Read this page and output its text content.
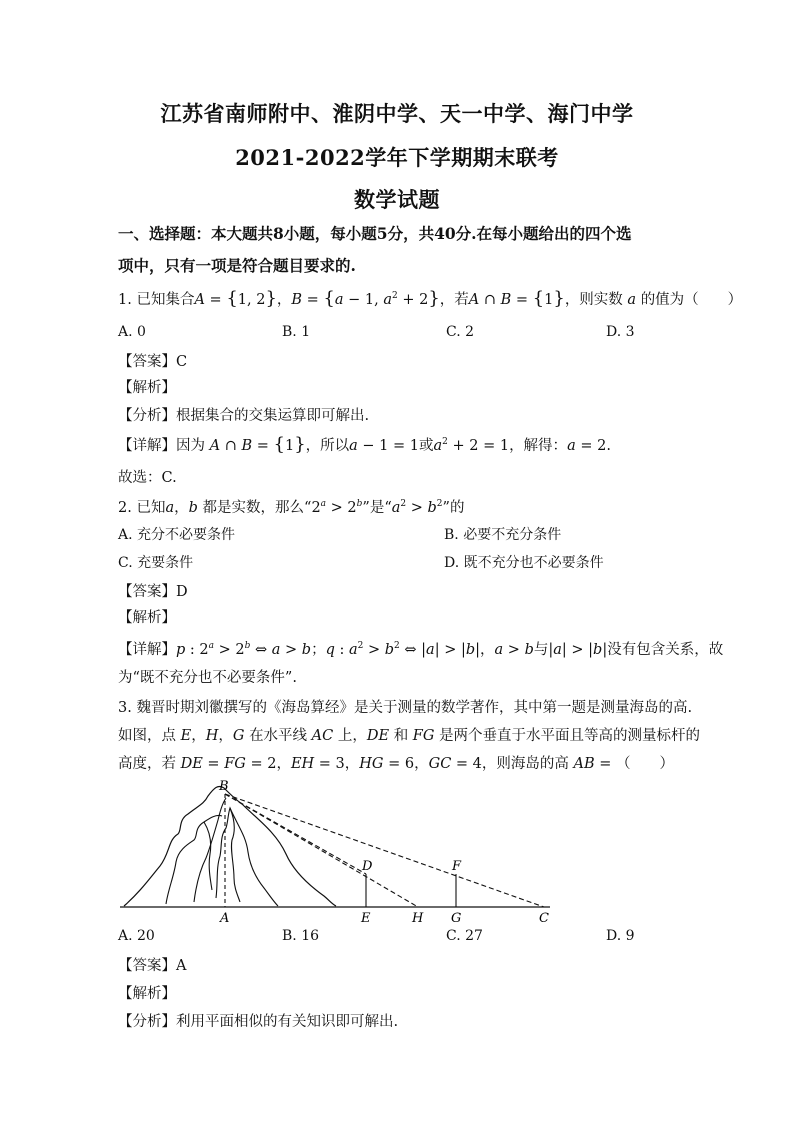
江苏省南师附中、淮阴中学、天一中学、海门中学
2021-2022学年下学期期末联考
数学试题
一、选择题：本大题共8小题，每小题5分，共40分.在每小题给出的四个选
项中，只有一项是符合题目要求的.
1. 已知集合A = {1, 2}，B = {a − 1, $a^2 + 2$}，若A ∩ B = {1}，则实数 a 的值为（　　）
A. 0	B. 1	C. 2	D. 3
【答案】C
【解析】
【分析】根据集合的交集运算即可解出.
【详解】因为 A ∩ B = {1}，所以a − 1 = 1或$a^2 + 2 = 1$，解得：a = 2.
故选：C.
2. 已知a，b 都是实数，那么“$2^a > 2^b$”是“$a^2 > b^2$”的
A. 充分不必要条件	B. 必要不充分条件
C. 充要条件	D. 既不充分也不必要条件
【答案】D
【解析】
【详解】p : $2^a > 2^b$ ⇔ a > b；q : $a^2 > b^2$ ⇔ |a| > |b|，a > b与|a| > |b|没有包含关系，故
为“既不充分也不必要条件”.
3. 魏晋时期刘徽撰写的《海岛算经》是关于测量的数学著作，其中第一题是测量海岛的高.
如图，点 E，H，G 在水平线 AC 上，DE 和 FG 是两个垂直于水平面且等高的测量标杆的
高度，若 DE = FG = 2，EH = 3，HG = 6，GC = 4，则海岛的高 AB = （　　）
B
D	F
A	E	H G	C
A. 20	B. 16	C. 27	D. 9
【答案】A
【解析】
【分析】利用平面相似的有关知识即可解出.
